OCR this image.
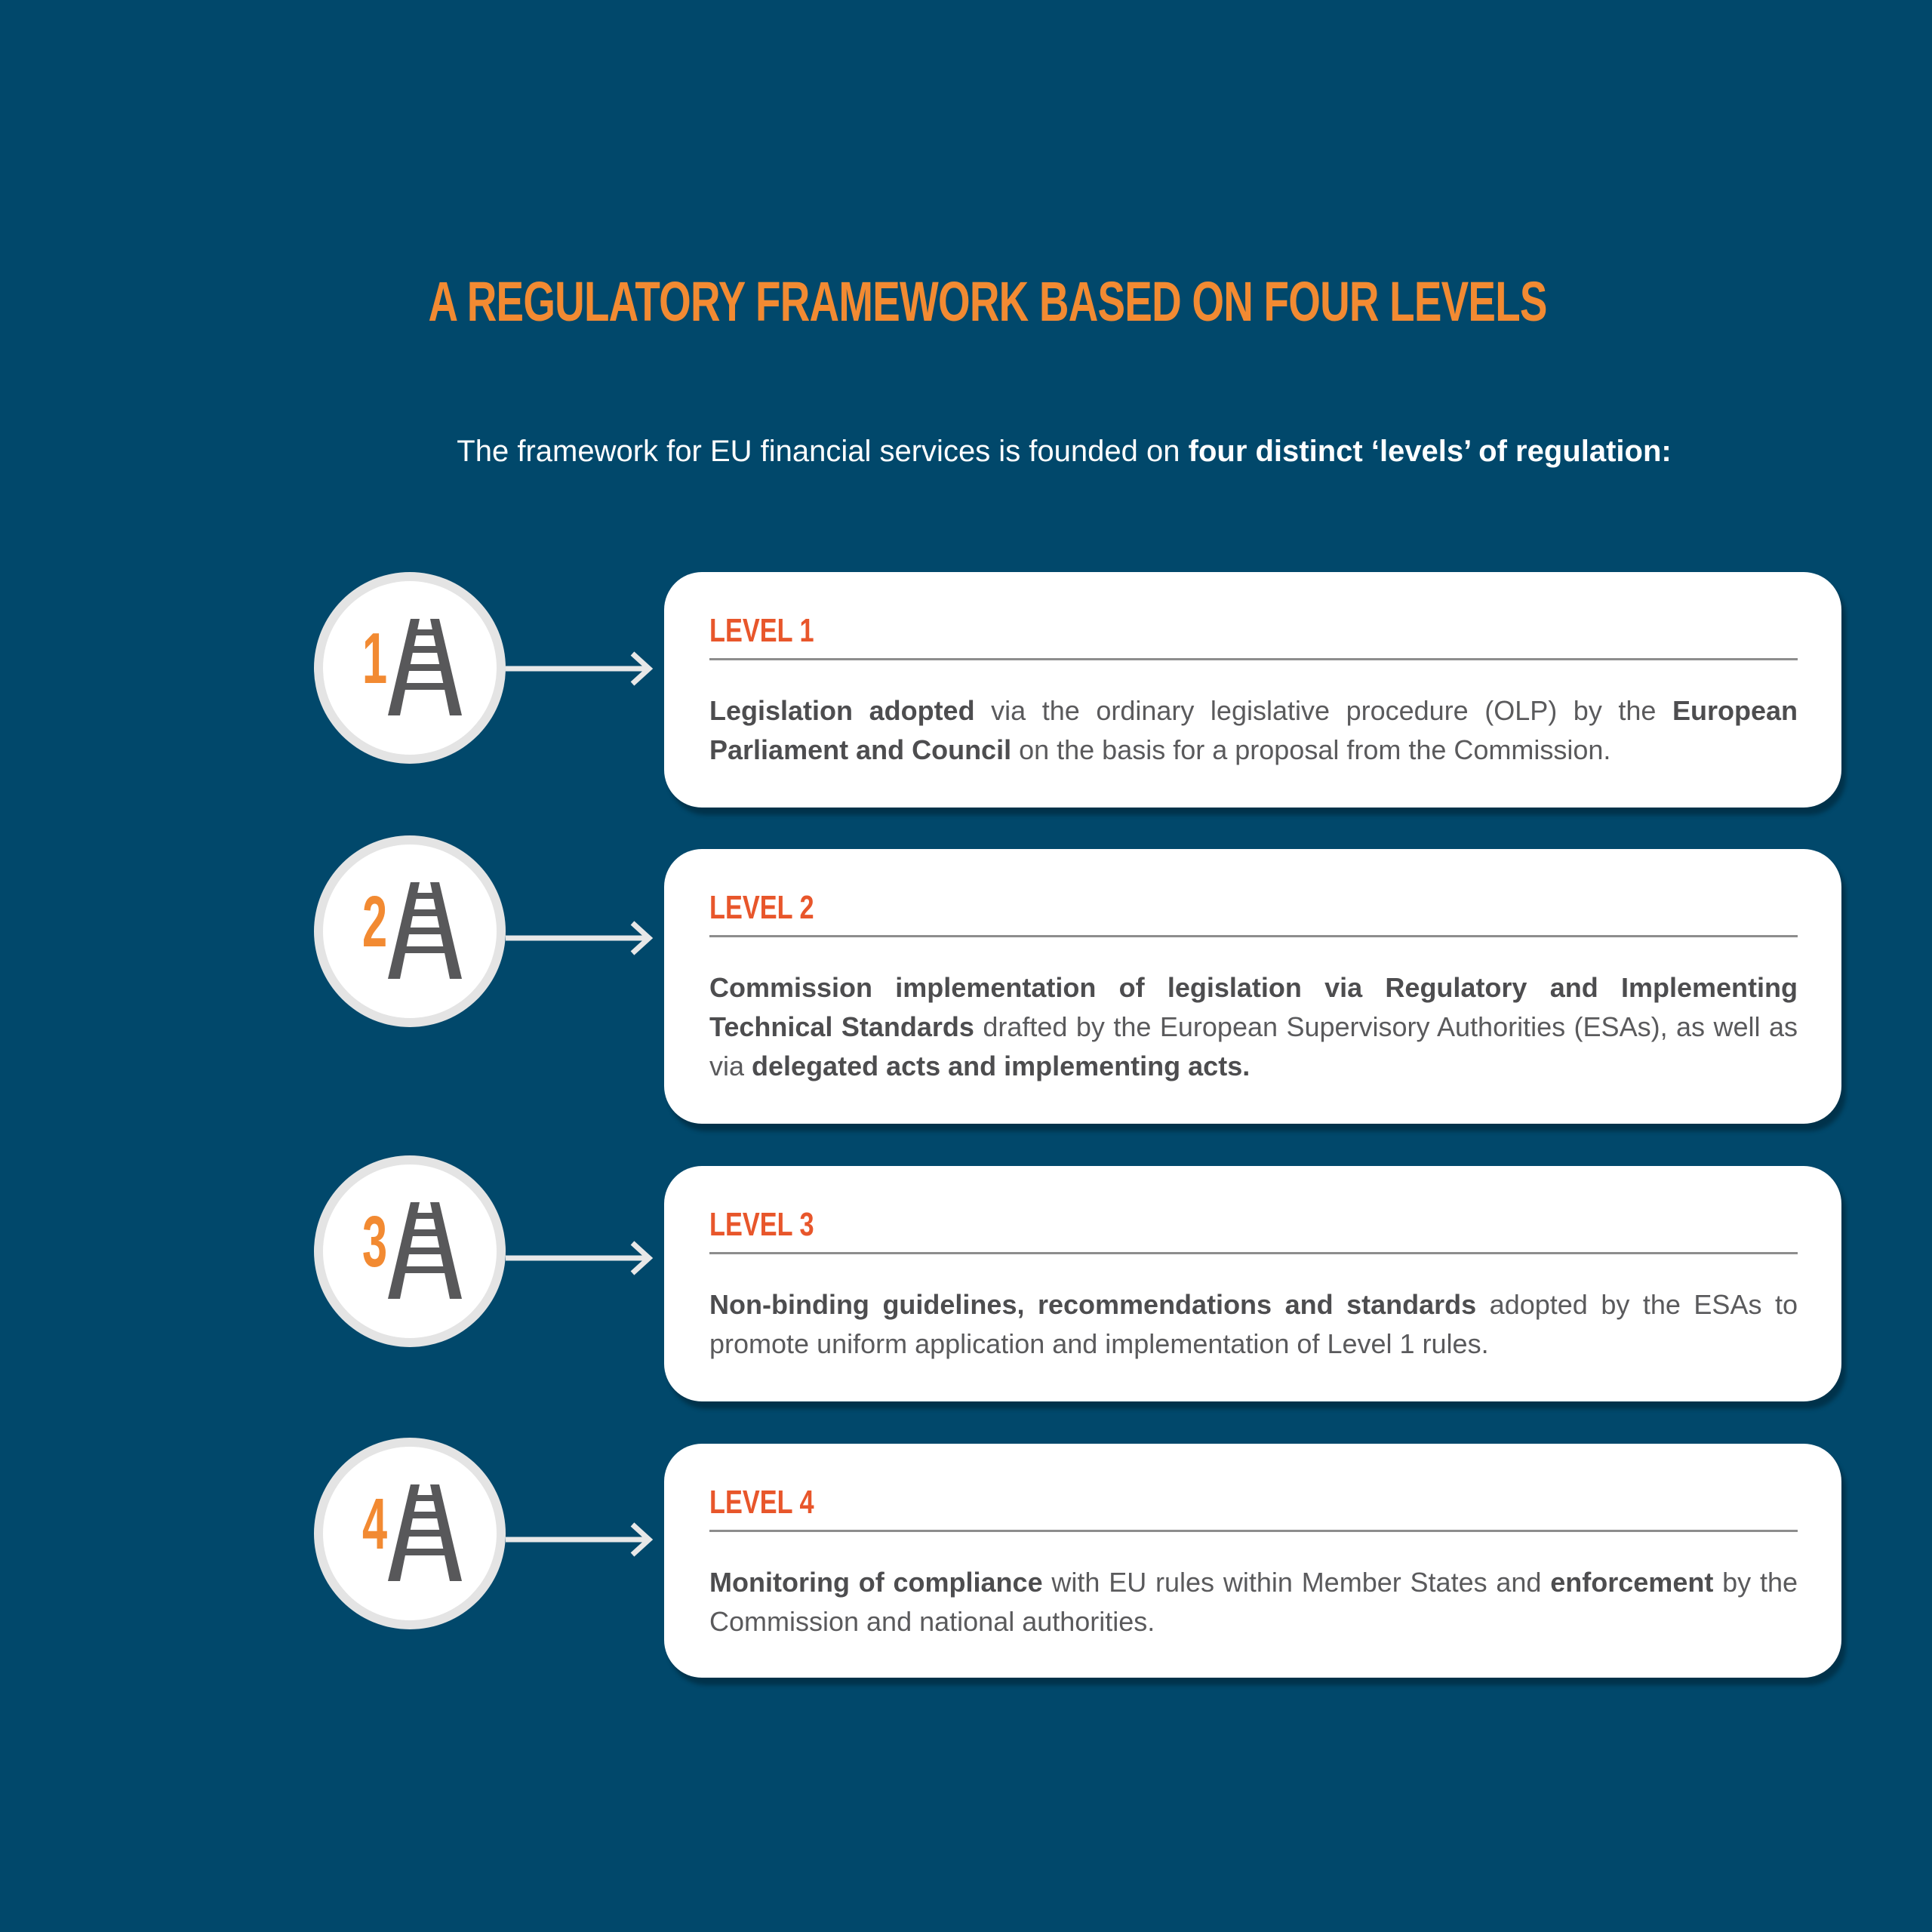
A REGULATORY FRAMEWORK BASED ON FOUR LEVELS
The framework for EU financial services is founded on four distinct ‘levels’ of regulation:
1	LEVEL 1
Legislation adopted via the ordinary legislative procedure (OLP) by the European Parliament and Council on the basis for a proposal from the Commission.
2	LEVEL 2
Commission implementation of legislation via Regulatory and Implementing Technical Standards drafted by the European Supervisory Authorities (ESAs), as well as via delegated acts and implementing acts.
3	LEVEL 3
Non-binding guidelines, recommendations and standards adopted by the ESAs to promote uniform application and implementation of Level 1 rules.
4	LEVEL 4
Monitoring of compliance with EU rules within Member States and enforcement by the Commission and national authorities.
